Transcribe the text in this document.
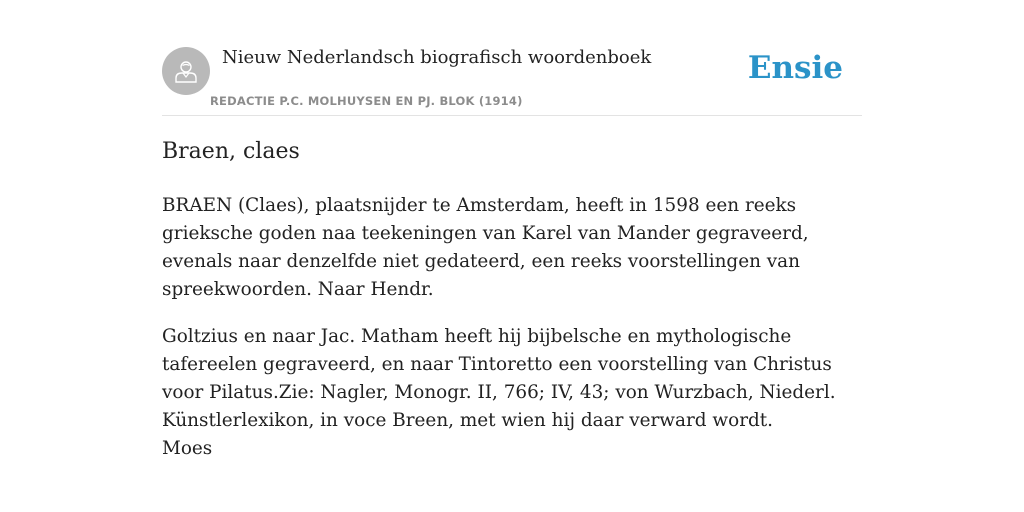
Nieuw Nederlandsch biografisch woordenboek
REDACTIE P.C. MOLHUYSEN EN PJ. BLOK (1914)
Ensie
Braen, claes

BRAEN (Claes), plaatsnijder te Amsterdam, heeft in 1598 een reeks grieksche goden naa teekeningen van Karel van Mander gegraveerd, evenals naar denzelfde niet gedateerd, een reeks voorstellingen van spreekwoorden. Naar Hendr.

Goltzius en naar Jac. Matham heeft hij bijbelsche en mythologische tafereelen gegraveerd, en naar Tintoretto een voorstelling van Christus voor Pilatus.Zie: Nagler, Monogr. II, 766; IV, 43; von Wurzbach, Niederl. Künstlerlexikon, in voce Breen, met wien hij daar verward wordt.

Moes
